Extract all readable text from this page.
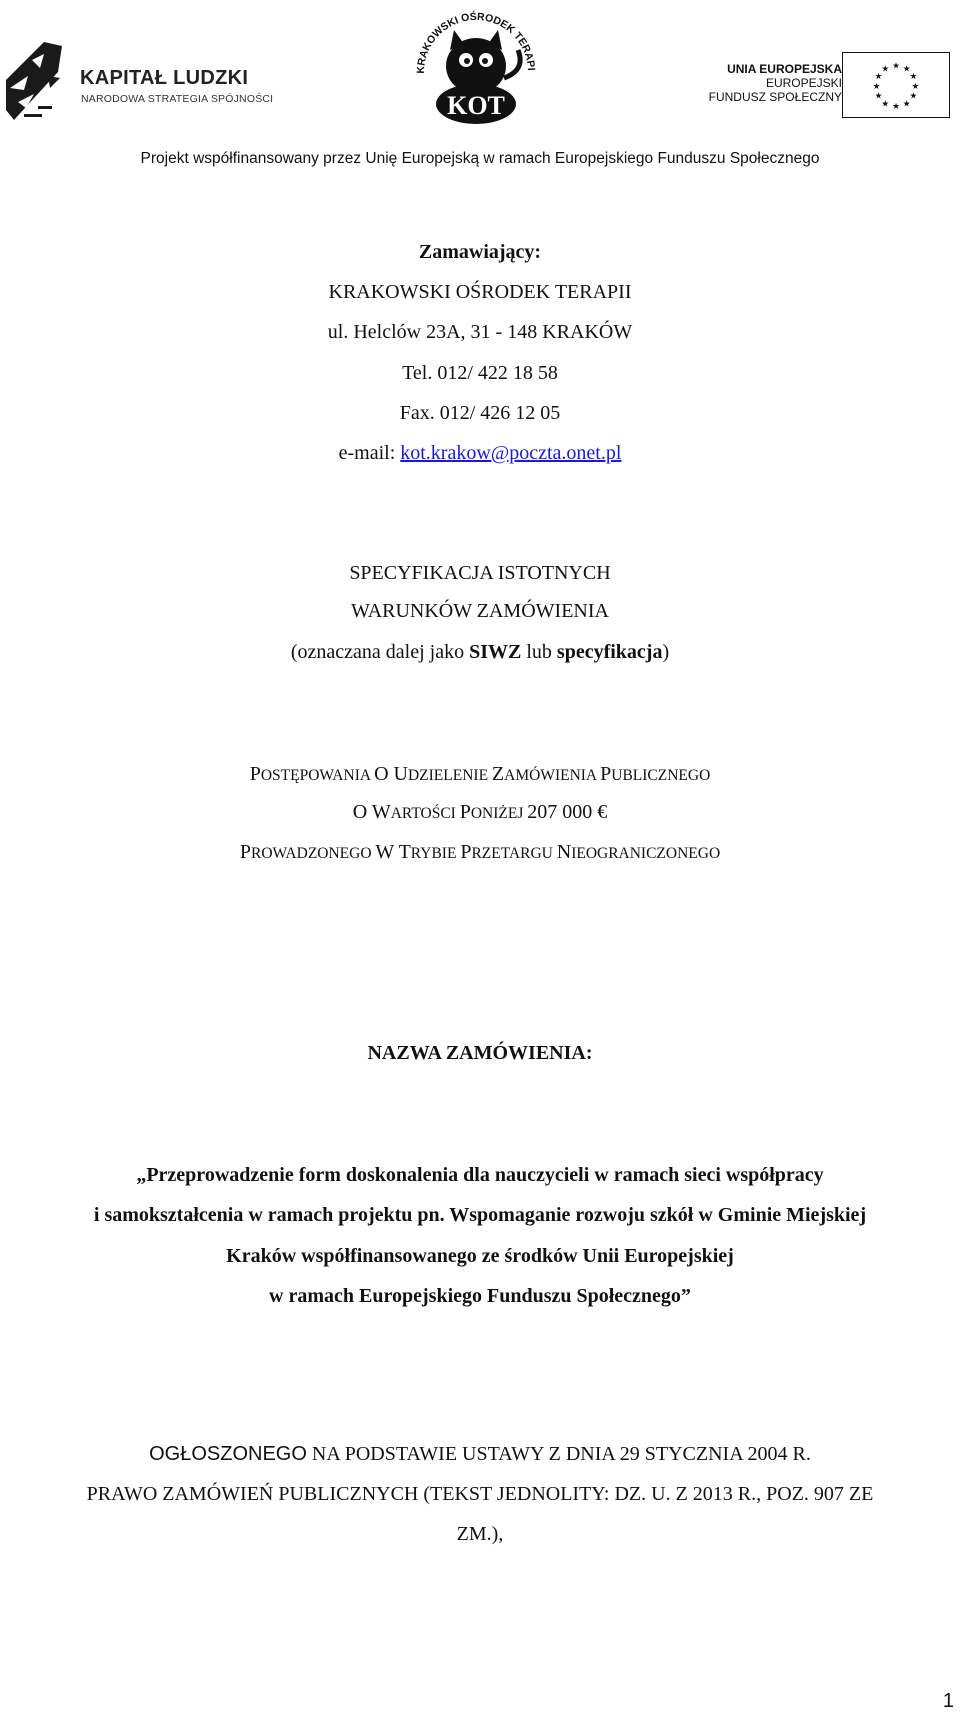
KAPITAŁ LUDZKI
NARODOWA STRATEGIA SPÓJNOŚCI
KRAKOWSKI OŚRODEK TERAPI
KOT
UNIA EUROPEJSKA
EUROPEJSKI
FUNDUSZ SPOŁECZNY
★ ★
★
★
★
★
★
★
★
★
★
★
Projekt współfinansowany przez Unię Europejską w ramach Europejskiego Funduszu Społecznego
Zamawiający:
KRAKOWSKI OŚRODEK TERAPII
ul. Helclów 23A, 31 - 148 KRAKÓW
Tel. 012/ 422 18 58
Fax. 012/ 426 12 05
e-mail: kot.krakow@poczta.onet.pl
SPECYFIKACJA ISTOTNYCH
WARUNKÓW ZAMÓWIENIA
(oznaczana dalej jako SIWZ lub specyfikacja)
POSTĘPOWANIA O UDZIELENIE ZAMÓWIENIA PUBLICZNEGO
O WARTOŚCI PONIŻEJ 207 000 €
PROWADZONEGO W TRYBIE PRZETARGU NIEOGRANICZONEGO
NAZWA ZAMÓWIENIA:
„Przeprowadzenie form doskonalenia dla nauczycieli w ramach sieci współpracy
i samokształcenia w ramach projektu pn. Wspomaganie rozwoju szkół w Gminie Miejskiej
Kraków współfinansowanego ze środków Unii Europejskiej
w ramach Europejskiego Funduszu Społecznego”
OGŁOSZONEGO NA PODSTAWIE USTAWY Z DNIA 29 STYCZNIA 2004 R.
PRAWO ZAMÓWIEŃ PUBLICZNYCH (TEKST JEDNOLITY: DZ. U. Z 2013 R., POZ. 907 ZE
ZM.),
1
